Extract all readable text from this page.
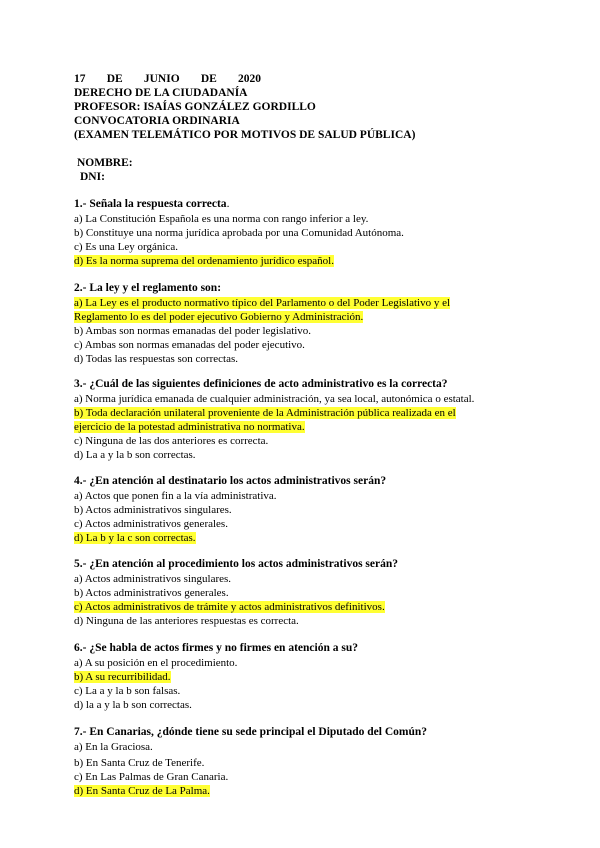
17 DE JUNIO DE 2020
DERECHO DE LA CIUDADANÍA
PROFESOR: ISAÍAS GONZÁLEZ GORDILLO
CONVOCATORIA ORDINARIA
(EXAMEN TELEMÁTICO POR MOTIVOS DE SALUD PÚBLICA)
NOMBRE:
DNI:
1.- Señala la respuesta correcta.
a) La Constitución Española es una norma con rango inferior a ley.
b) Constituye una norma jurídica aprobada por una Comunidad Autónoma.
c) Es una Ley orgánica.
d) Es la norma suprema del ordenamiento jurídico español.
2.- La ley y el reglamento son:
a) La Ley es el producto normativo típico del Parlamento o del Poder Legislativo y el
Reglamento lo es del poder ejecutivo Gobierno y Administración.
b) Ambas son normas emanadas del poder legislativo.
c) Ambas son normas emanadas del poder ejecutivo.
d) Todas las respuestas son correctas.
3.- ¿Cuál de las siguientes definiciones de acto administrativo es la correcta?
a) Norma jurídica emanada de cualquier administración, ya sea local, autonómica o estatal.
b) Toda declaración unilateral proveniente de la Administración pública realizada en el
ejercicio de la potestad administrativa no normativa.
c) Ninguna de las dos anteriores es correcta.
d) La a y la b son correctas.
4.- ¿En atención al destinatario los actos administrativos serán?
a) Actos que ponen fin a la vía administrativa.
b) Actos administrativos singulares.
c) Actos administrativos generales.
d) La b y la c son correctas.
5.- ¿En atención al procedimiento los actos administrativos serán?
a) Actos administrativos singulares.
b) Actos administrativos generales.
c) Actos administrativos de trámite y actos administrativos definitivos.
d) Ninguna de las anteriores respuestas es correcta.
6.- ¿Se habla de actos firmes y no firmes en atención a su?
a) A su posición en el procedimiento.
b) A su recurribilidad.
c) La a y la b son falsas.
d) la a y la b son correctas.
7.- En Canarias, ¿dónde tiene su sede principal el Diputado del Común?
a) En la Graciosa.
b) En Santa Cruz de Tenerife.
c) En Las Palmas de Gran Canaria.
d) En Santa Cruz de La Palma.
